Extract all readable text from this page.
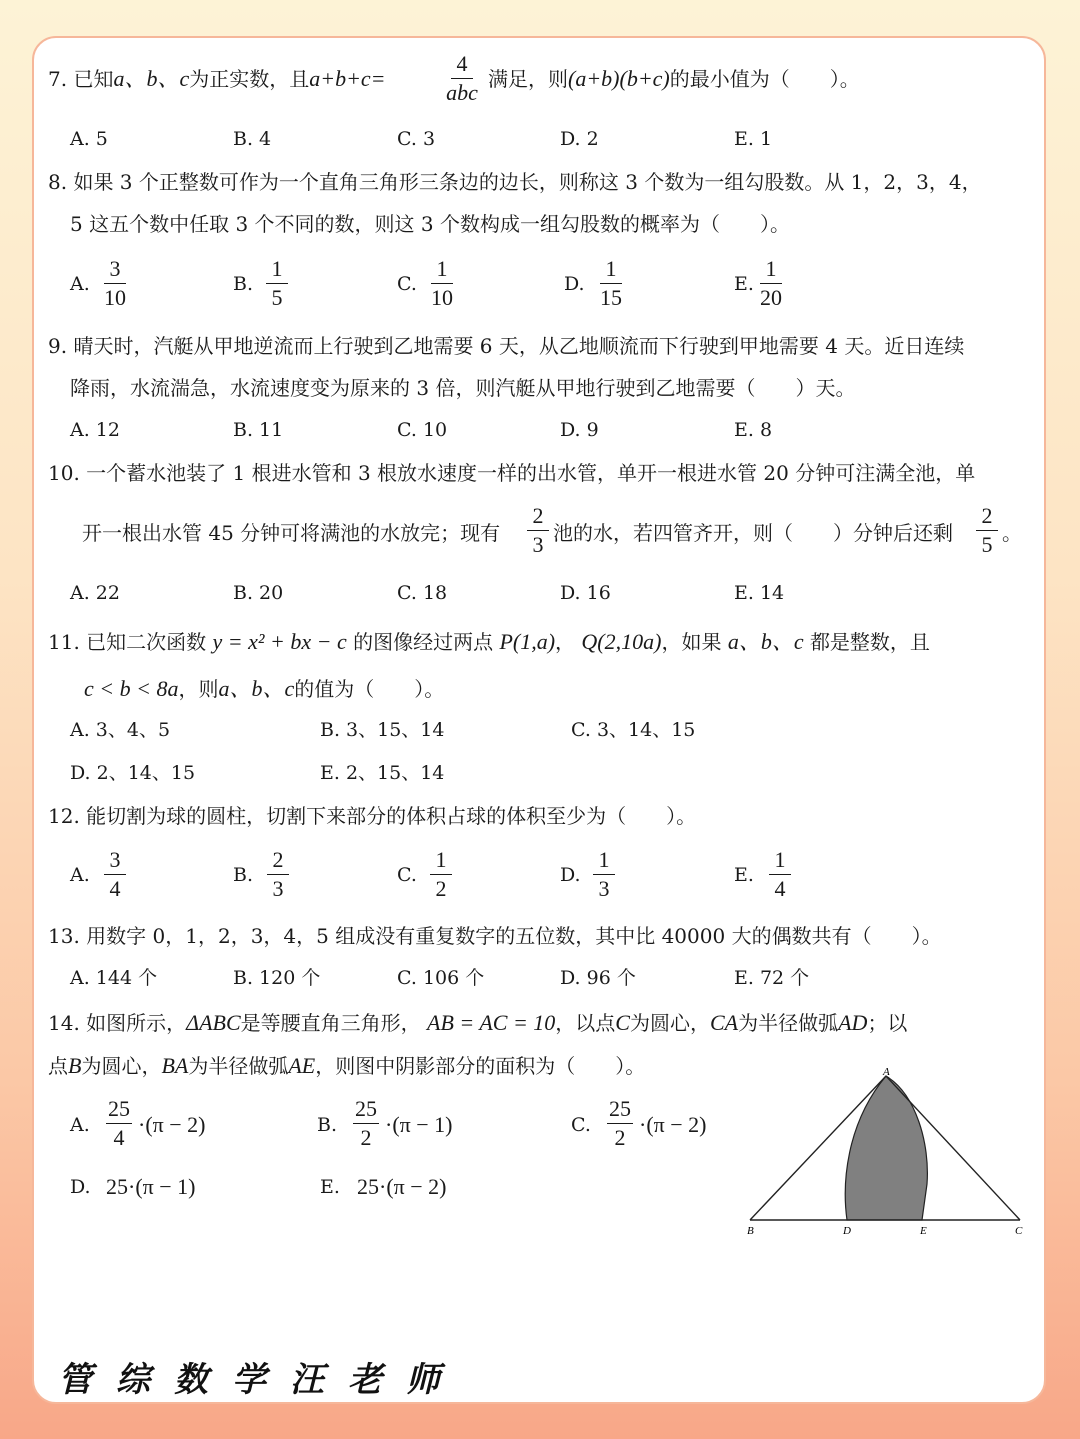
7. 已知a、b、c为正实数，且a+b+c=
4
abc
满足，则(a+b)(b+c)的最小值为（　　）。
A. 5	B. 4	C. 3	D. 2	E. 1
8. 如果 3 个正整数可作为一个直角三角形三条边的边长，则称这 3 个数为一组勾股数。从 1，2，3，4，
5 这五个数中任取 3 个不同的数，则这 3 个数构成一组勾股数的概率为（　　）。
A. $\frac{3}{10}$	B. $\frac{1}{5}$	C. $\frac{1}{10}$	D. $\frac{1}{15}$	E. $\frac{1}{20}$
9. 晴天时，汽艇从甲地逆流而上行驶到乙地需要 6 天，从乙地顺流而下行驶到甲地需要 4 天。近日连续
降雨，水流湍急，水流速度变为原来的 3 倍，则汽艇从甲地行驶到乙地需要（　　）天。
A. 12	B. 11	C. 10	D. 9	E. 8
10. 一个蓄水池装了 1 根进水管和 3 根放水速度一样的出水管，单开一根进水管 20 分钟可注满全池，单
开一根出水管 45 分钟可将满池的水放完；现有 $\frac{2}{3}$ 池的水，若四管齐开，则（　　）分钟后还剩 $\frac{2}{5}$ 。
A. 22	B. 20	C. 18	D. 16	E. 14
11. 已知二次函数 y = x² + bx − c 的图像经过两点 P(1,a)， Q(2,10a)，如果 a、b、c 都是整数，且
c < b < 8a，则a、b、c的值为（　　）。
A. 3、4、5	B. 3、15、14	C. 3、14、15
D. 2、14、15	E. 2、15、14
12. 能切割为球的圆柱，切割下来部分的体积占球的体积至少为（　　）。
A. $\frac{3}{4}$	B. $\frac{2}{3}$	C. $\frac{1}{2}$	D. $\frac{1}{3}$	E. $\frac{1}{4}$
13. 用数字 0，1，2，3，4，5 组成没有重复数字的五位数，其中比 40000 大的偶数共有（　　）。
A. 144 个	B. 120 个	C. 106 个	D. 96 个	E. 72 个
14. 如图所示，ΔABC是等腰直角三角形， AB = AC = 10，以点C为圆心，CA为半径做弧AD；以
点B为圆心，BA为半径做弧AE，则图中阴影部分的面积为（　　）。
A. $\frac{25}{4} \cdot(\pi - 2)$	B. $\frac{25}{2} \cdot(\pi - 1)$	C. $\frac{25}{2} \cdot(\pi - 2)$
D. 25·(π − 1)	E. 25·(π − 2)
A
B	D	E	C
管综数学汪老师
